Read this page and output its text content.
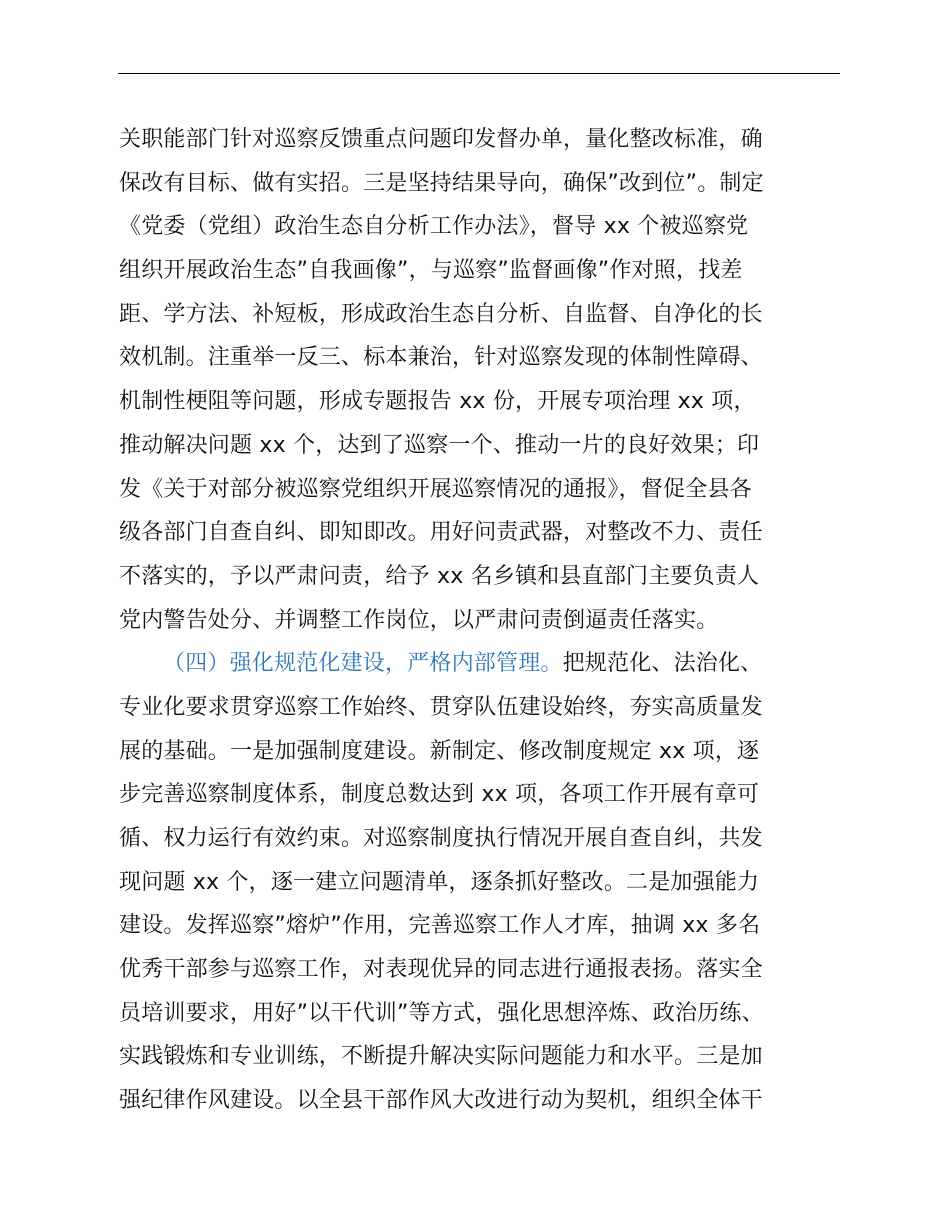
关职能部门针对巡察反馈重点问题印发督办单，量化整改标准，确
保改有目标、做有实招。三是坚持结果导向，确保”改到位”。制定
《党委（党组）政治生态自分析工作办法》，督导 xx 个被巡察党
组织开展政治生态”自我画像”，与巡察”监督画像”作对照，找差
距、学方法、补短板，形成政治生态自分析、自监督、自净化的长
效机制。注重举一反三、标本兼治，针对巡察发现的体制性障碍、
机制性梗阻等问题，形成专题报告 xx 份，开展专项治理 xx 项，
推动解决问题 xx 个，达到了巡察一个、推动一片的良好效果；印
发《关于对部分被巡察党组织开展巡察情况的通报》，督促全县各
级各部门自查自纠、即知即改。用好问责武器，对整改不力、责任
不落实的，予以严肃问责，给予 xx 名乡镇和县直部门主要负责人
党内警告处分、并调整工作岗位，以严肃问责倒逼责任落实。
（四）强化规范化建设，严格内部管理。把规范化、法治化、
专业化要求贯穿巡察工作始终、贯穿队伍建设始终，夯实高质量发
展的基础。一是加强制度建设。新制定、修改制度规定 xx 项，逐
步完善巡察制度体系，制度总数达到 xx 项，各项工作开展有章可
循、权力运行有效约束。对巡察制度执行情况开展自查自纠，共发
现问题 xx 个，逐一建立问题清单，逐条抓好整改。二是加强能力
建设。发挥巡察”熔炉”作用，完善巡察工作人才库，抽调 xx 多名
优秀干部参与巡察工作，对表现优异的同志进行通报表扬。落实全
员培训要求，用好”以干代训”等方式，强化思想淬炼、政治历练、
实践锻炼和专业训练，不断提升解决实际问题能力和水平。三是加
强纪律作风建设。以全县干部作风大改进行动为契机，组织全体干
